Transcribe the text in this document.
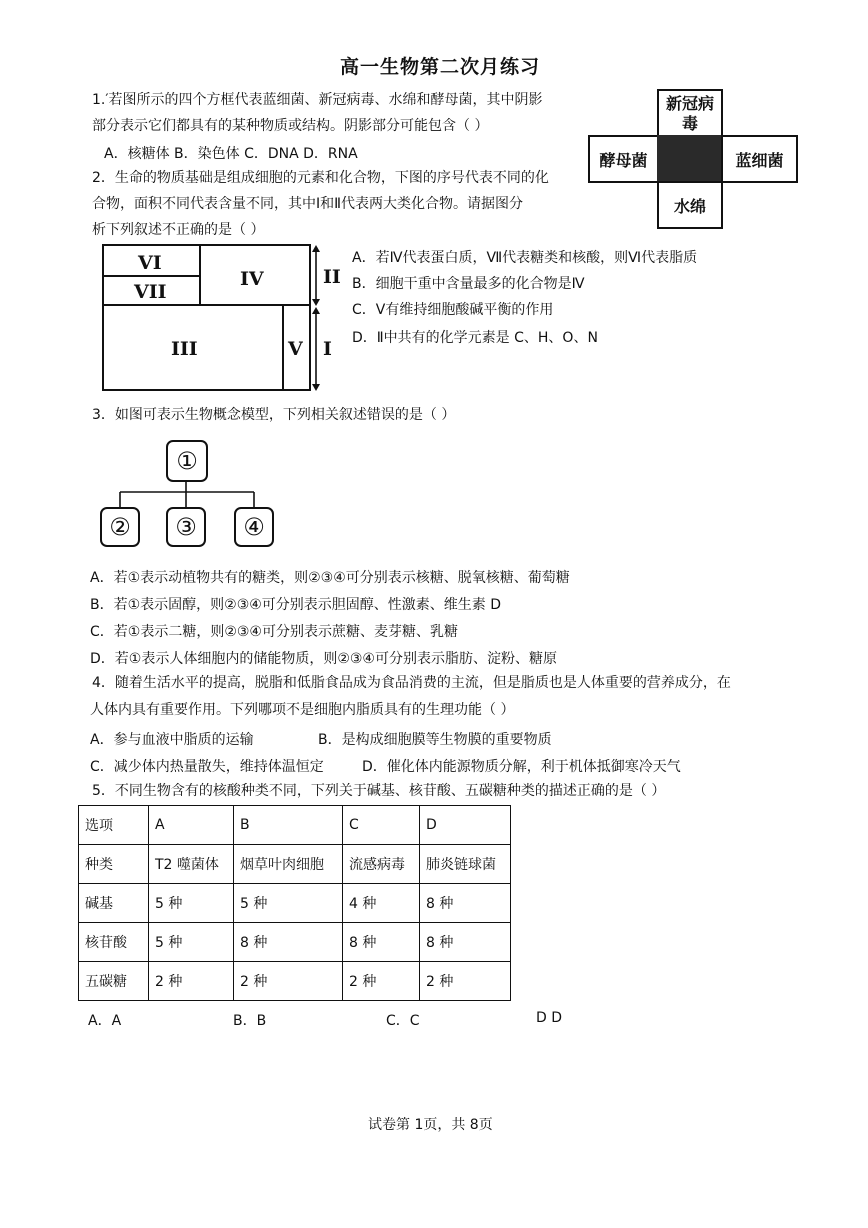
高一生物第二次月练习
1.′若图所示的四个方框代表蓝细菌、新冠病毒、水绵和酵母菌，其中阴影
部分表示它们都具有的某种物质或结构。阴影部分可能包含（ ）
A．核糖体 B．染色体 C．DNA D．RNA
新冠病毒
酵母菌	蓝细菌
水绵
2．生命的物质基础是组成细胞的元素和化合物，下图的序号代表不同的化
合物，面积不同代表含量不同，其中Ⅰ和Ⅱ代表两大类化合物。请据图分
析下列叙述不正确的是（ ）
VI
VII
IV
III	V
II
I
A．若Ⅳ代表蛋白质，Ⅶ代表糖类和核酸，则Ⅵ代表脂质
B．细胞干重中含量最多的化合物是Ⅳ
C．Ⅴ有维持细胞酸碱平衡的作用
D．Ⅱ中共有的化学元素是 C、H、O、N
3．如图可表示生物概念模型，下列相关叙述错误的是（ ）
①
②	③	④
A．若①表示动植物共有的糖类，则②③④可分别表示核糖、脱氧核糖、葡萄糖
B．若①表示固醇，则②③④可分别表示胆固醇、性激素、维生素 D
C．若①表示二糖，则②③④可分别表示蔗糖、麦芽糖、乳糖
D．若①表示人体细胞内的储能物质，则②③④可分别表示脂肪、淀粉、糖原
4．随着生活水平的提高，脱脂和低脂食品成为食品消费的主流，但是脂质也是人体重要的营养成分，在
人体内具有重要作用。下列哪项不是细胞内脂质具有的生理功能（ ）
A．参与血液中脂质的运输	B．是构成细胞膜等生物膜的重要物质
C．减少体内热量散失，维持体温恒定	D．催化体内能源物质分解，利于机体抵御寒冷天气
5．不同生物含有的核酸种类不同，下列关于碱基、核苷酸、五碳糖种类的描述正确的是（ ）
选项	A	B	C	D
种类	T2 噬菌体	烟草叶肉细胞	流感病毒	肺炎链球菌
碱基	5 种	5 种	4 种	8 种
核苷酸	5 种	8 种	8 种	8 种
五碳糖	2 种	2 种	2 种	2 种
A．A	B．B	C．C	D D
试卷第 1页，共 8页
